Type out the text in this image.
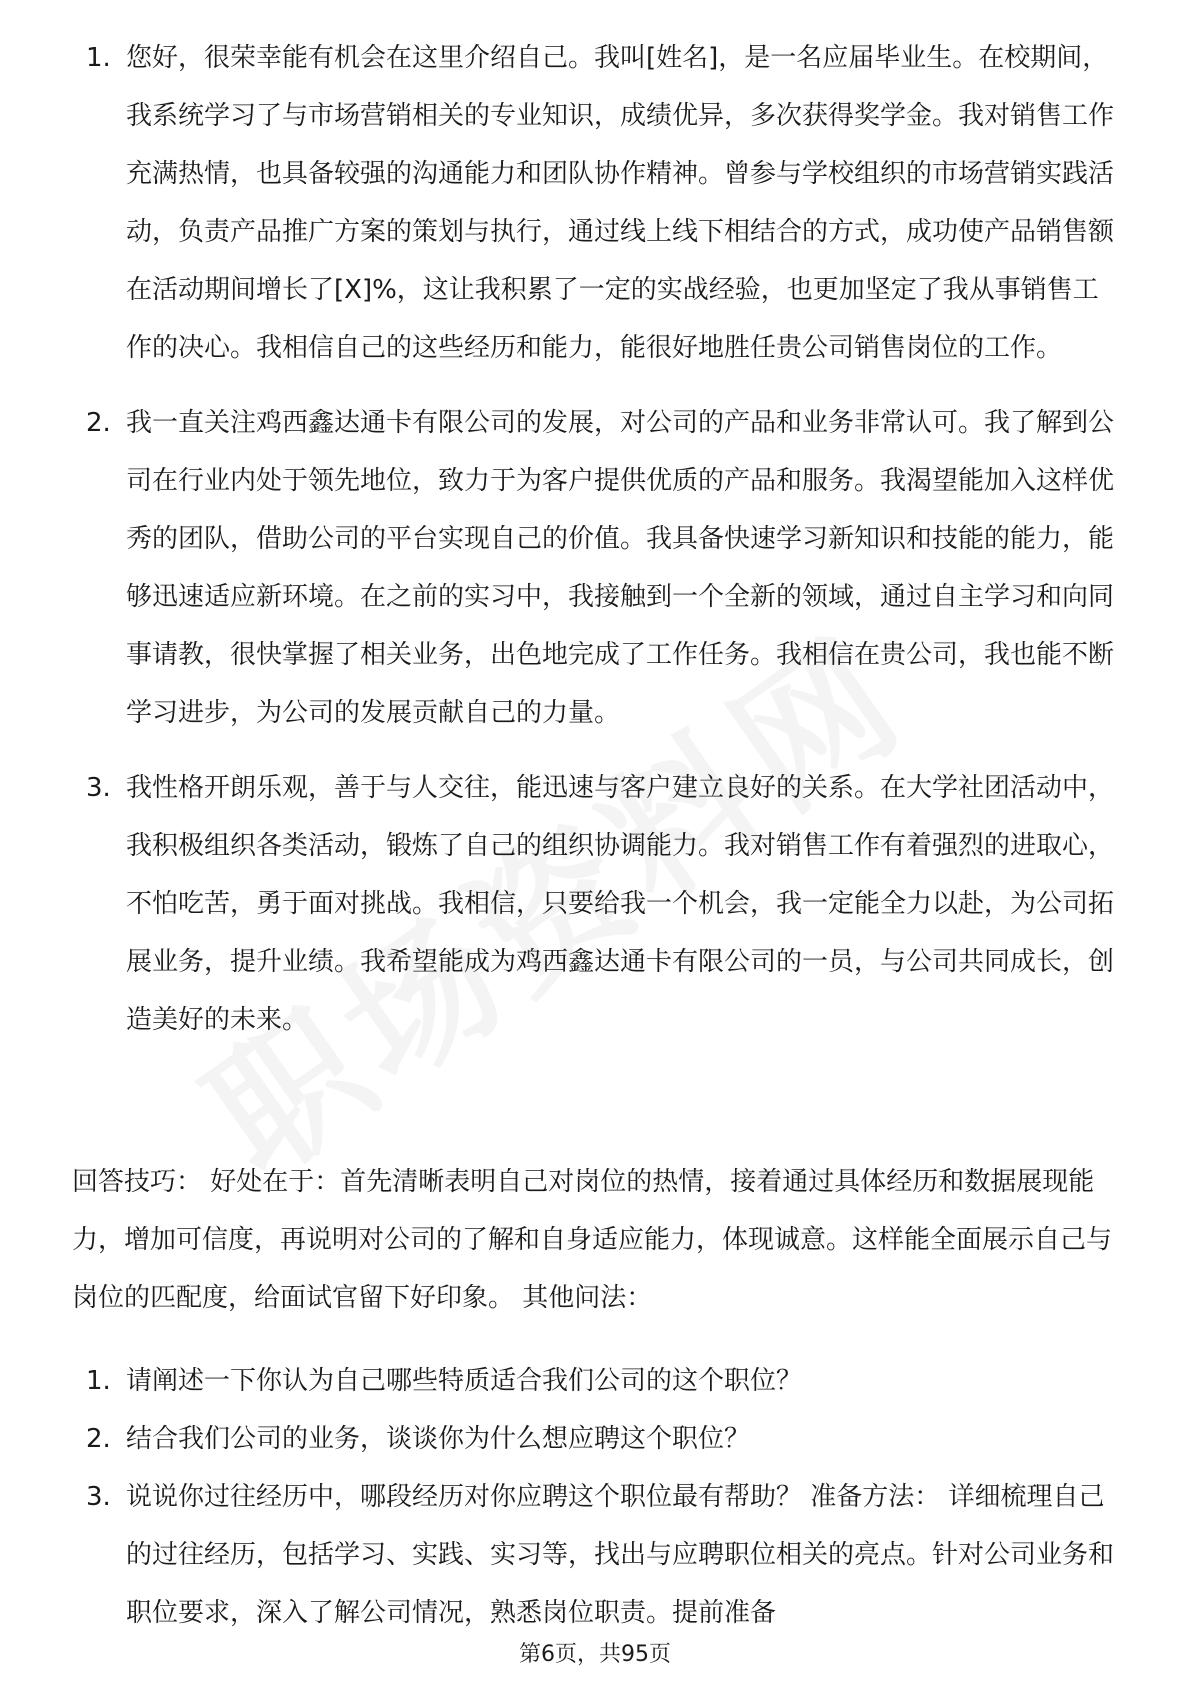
1. 您好，很荣幸能有机会在这里介绍自己。我叫[姓名]，是一名应届毕业生。在校期间，我系统学习了与市场营销相关的专业知识，成绩优异，多次获得奖学金。我对销售工作充满热情，也具备较强的沟通能力和团队协作精神。曾参与学校组织的市场营销实践活动，负责产品推广方案的策划与执行，通过线上线下相结合的方式，成功使产品销售额在活动期间增长了[X]%，这让我积累了一定的实战经验，也更加坚定了我从事销售工作的决心。我相信自己的这些经历和能力，能很好地胜任贵公司销售岗位的工作。

2. 我一直关注鸡西鑫达通卡有限公司的发展，对公司的产品和业务非常认可。我了解到公司在行业内处于领先地位，致力于为客户提供优质的产品和服务。我渴望能加入这样优秀的团队，借助公司的平台实现自己的价值。我具备快速学习新知识和技能的能力，能够迅速适应新环境。在之前的实习中，我接触到一个全新的领域，通过自主学习和向同事请教，很快掌握了相关业务，出色地完成了工作任务。我相信在贵公司，我也能不断学习进步，为公司的发展贡献自己的力量。

3. 我性格开朗乐观，善于与人交往，能迅速与客户建立良好的关系。在大学社团活动中，我积极组织各类活动，锻炼了自己的组织协调能力。我对销售工作有着强烈的进取心，不怕吃苦，勇于面对挑战。我相信，只要给我一个机会，我一定能全力以赴，为公司拓展业务，提升业绩。我希望能成为鸡西鑫达通卡有限公司的一员，与公司共同成长，创造美好的未来。

回答技巧： 好处在于：首先清晰表明自己对岗位的热情，接着通过具体经历和数据展现能力，增加可信度，再说明对公司的了解和自身适应能力，体现诚意。这样能全面展示自己与岗位的匹配度，给面试官留下好印象。 其他问法：

1. 请阐述一下你认为自己哪些特质适合我们公司的这个职位？

2. 结合我们公司的业务，谈谈你为什么想应聘这个职位？

3. 说说你过往经历中，哪段经历对你应聘这个职位最有帮助？ 准备方法： 详细梳理自己的过往经历，包括学习、实践、实习等，找出与应聘职位相关的亮点。针对公司业务和职位要求，深入了解公司情况，熟悉岗位职责。提前准备

第6页，共95页
